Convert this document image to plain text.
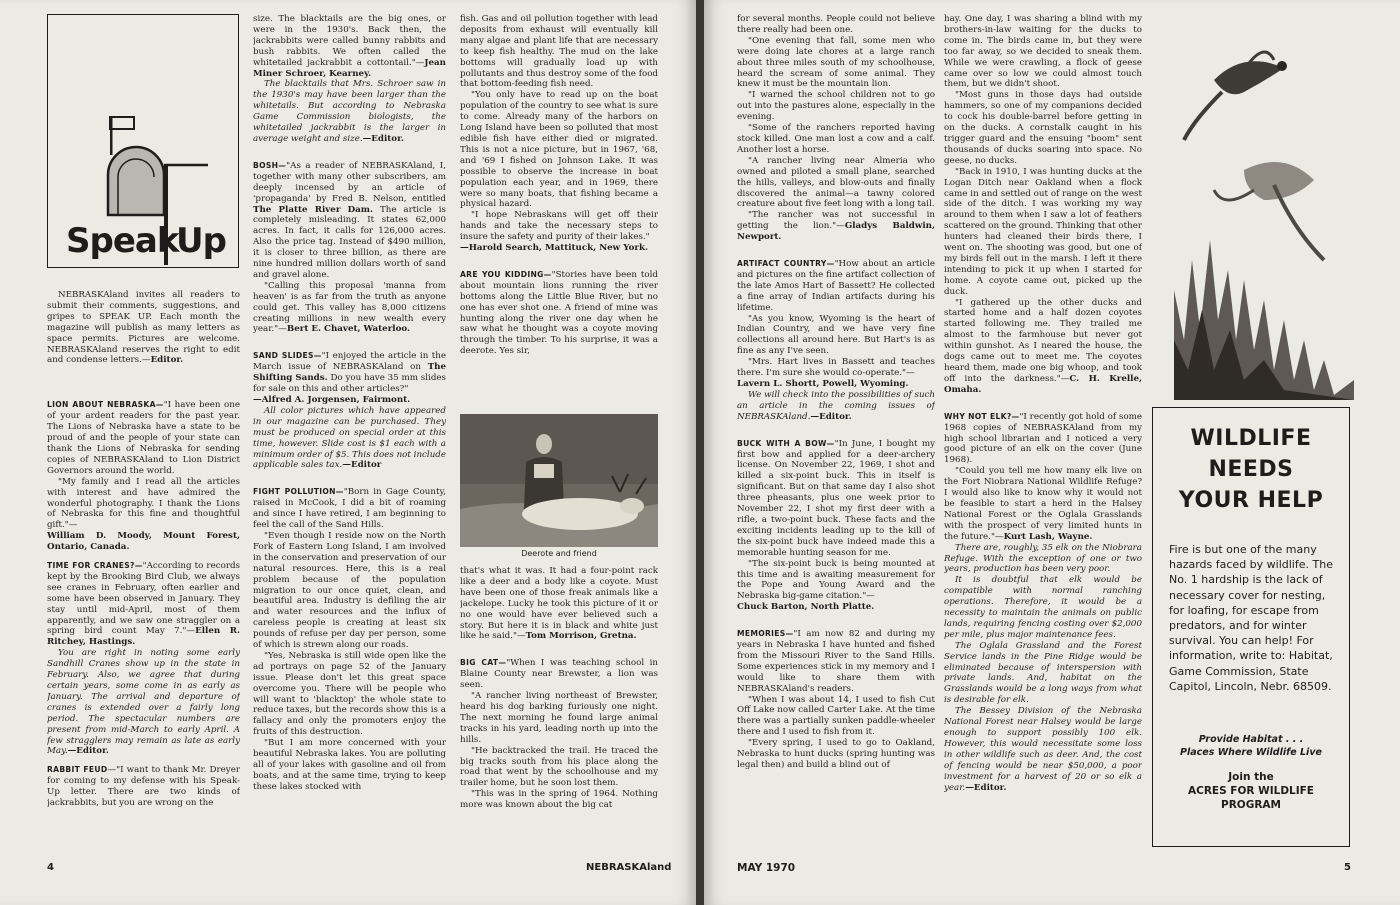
Speak
Up

NEBRASKAland invites all readers to submit their comments, suggestions, and gripes to SPEAK UP. Each month the magazine will publish as many letters as space permits. Pictures are welcome. NEBRASKAland reserves the right to edit and condense letters.—Editor.

LION ABOUT NEBRASKA—"I have been one of your ardent readers for the past year. The Lions of Nebraska have a state to be proud of and the people of your state can thank the Lions of Nebraska for sending copies of NEBRASKAland to Lion District Governors around the world.

"My family and I read all the articles with interest and have admired the wonderful photography. I thank the Lions of Nebraska for this fine and thoughtful gift."—

William D. Moody, Mount Forest, Ontario, Canada.

TIME FOR CRANES?—"According to records kept by the Brooking Bird Club, we always see cranes in February, often earlier and some have been observed in January. They stay until mid-April, most of them apparently, and we saw one straggler on a spring bird count May 7."—Ellen R. Ritchey, Hastings.

You are right in noting some early Sandhill Cranes show up in the state in February. Also, we agree that during certain years, some come in as early as January. The arrival and departure of cranes is extended over a fairly long period. The spectacular numbers are present from mid-March to early April. A few stragglers may remain as late as early May.—Editor.

RABBIT FEUD—"I want to thank Mr. Dreyer for coming to my defense with his Speak-Up letter. There are two kinds of jackrabbits, but you are wrong on the

size. The blacktails are the big ones, or were in the 1930's. Back then, the jackrabbits were called bunny rabbits and bush rabbits. We often called the whitetailed jackrabbit a cottontail."—Jean Miner Schroer, Kearney.

The blacktails that Mrs. Schroer saw in the 1930's may have been larger than the whitetails. But according to Nebraska Game Commission biologists, the whitetailed jackrabbit is the larger in average weight and size.—Editor.

BOSH—"As a reader of NEBRASKAland, I, together with many other subscribers, am deeply incensed by an article of 'propaganda' by Fred B. Nelson, entitled The Platte River Dam. The article is completely misleading. It states 62,000 acres. In fact, it calls for 126,000 acres. Also the price tag. Instead of $490 million, it is closer to three billion, as there are nine hundred million dollars worth of sand and gravel alone.

"Calling this proposal 'manna from heaven' is as far from the truth as anyone could get. This valley has 8,000 citizens creating millions in new wealth every year."—Bert E. Chavet, Waterloo.

SAND SLIDES—"I enjoyed the article in the March issue of NEBRASKAland on The Shifting Sands. Do you have 35 mm slides for sale on this and other articles?"

—Alfred A. Jorgensen, Fairmont.

All color pictures which have appeared in our magazine can be purchased. They must be produced on special order at this time, however. Slide cost is $1 each with a minimum order of $5. This does not include applicable sales tax.—Editor

FIGHT POLLUTION—"Born in Gage County, raised in McCook, I did a bit of roaming and since I have retired, I am beginning to feel the call of the Sand Hills.

"Even though I reside now on the North Fork of Eastern Long Island, I am involved in the conservation and preservation of our natural resources. Here, this is a real problem because of the population migration to our once quiet, clean, and beautiful area. Industry is defiling the air and water resources and the influx of careless people is creating at least six pounds of refuse per day per person, some of which is strewn along our roads.

"Yes, Nebraska is still wide open like the ad portrays on page 52 of the January issue. Please don't let this great space overcome you. There will be people who will want to 'blacktop' the whole state to reduce taxes, but the records show this is a fallacy and only the promoters enjoy the fruits of this destruction.

"But I am more concerned with your beautiful Nebraska lakes. You are polluting all of your lakes with gasoline and oil from boats, and at the same time, trying to keep these lakes stocked with

fish. Gas and oil pollution together with lead deposits from exhaust will eventually kill many algae and plant life that are necessary to keep fish healthy. The mud on the lake bottoms will gradually load up with pollutants and thus destroy some of the food that bottom-feeding fish need.

"You only have to read up on the boat population of the country to see what is sure to come. Already many of the harbors on Long Island have been so polluted that most edible fish have either died or migrated. This is not a nice picture, but in 1967, '68, and '69 I fished on Johnson Lake. It was possible to observe the increase in boat population each year, and in 1969, there were so many boats, that fishing became a physical hazard.

"I hope Nebraskans will get off their hands and take the necessary steps to insure the safety and purity of their lakes."

—Harold Search, Mattituck, New York.

ARE YOU KIDDING—"Stories have been told about mountain lions running the river bottoms along the Little Blue River, but no one has ever shot one. A friend of mine was hunting along the river one day when he saw what he thought was a coyote moving through the timber. To his surprise, it was a deerote. Yes sir,

Deerote and friend

that's what it was. It had a four-point rack like a deer and a body like a coyote. Must have been one of those freak animals like a jackelope. Lucky he took this picture of it or no one would have ever believed such a story. But here it is in black and white just like he said."—Tom Morrison, Gretna.

BIG CAT—"When I was teaching school in Blaine County near Brewster, a lion was seen.

"A rancher living northeast of Brewster, heard his dog barking furiously one night. The next morning he found large animal tracks in his yard, leading north up into the hills.

"He backtracked the trail. He traced the big tracks south from his place along the road that went by the schoolhouse and my trailer home, but he soon lost them.

"This was in the spring of 1964. Nothing more was known about the big cat

4	NEBRASKAland

for several months. People could not believe there really had been one.

"One evening that fall, some men who were doing late chores at a large ranch about three miles south of my schoolhouse, heard the scream of some animal. They knew it must be the mountain lion.

"I warned the school children not to go out into the pastures alone, especially in the evening.

"Some of the ranchers reported having stock killed. One man lost a cow and a calf. Another lost a horse.

"A rancher living near Almeria who owned and piloted a small plane, searched the hills, valleys, and blow-outs and finally discovered the animal—a tawny colored creature about five feet long with a long tail.

"The rancher was not successful in getting the lion."—Gladys Baldwin, Newport.

ARTIFACT COUNTRY—"How about an article and pictures on the fine artifact collection of the late Amos Hart of Bassett? He collected a fine array of Indian artifacts during his lifetime.

"As you know, Wyoming is the heart of Indian Country, and we have very fine collections all around here. But Hart's is as fine as any I've seen.

"Mrs. Hart lives in Bassett and teaches there. I'm sure she would co-operate."—

Lavern L. Shortt, Powell, Wyoming.

We will check into the possibilities of such an article in the coming issues of NEBRASKAland.—Editor.

BUCK WITH A BOW—"In June, I bought my first bow and applied for a deer-archery license. On November 22, 1969, I shot and killed a six-point buck. This in itself is significant. But on that same day I also shot three pheasants, plus one week prior to November 22, I shot my first deer with a rifle, a two-point buck. These facts and the exciting incidents leading up to the kill of the six-point buck have indeed made this a memorable hunting season for me.

"The six-point buck is being mounted at this time and is awaiting measurement for the Pope and Young Award and the Nebraska big-game citation."—

Chuck Barton, North Platte.

MEMORIES—"I am now 82 and during my years in Nebraska I have hunted and fished from the Missouri River to the Sand Hills. Some experiences stick in my memory and I would like to share them with NEBRASKAland's readers.

"When I was about 14, I used to fish Cut Off Lake now called Carter Lake. At the time there was a partially sunken paddle-wheeler there and I used to fish from it.

"Every spring, I used to go to Oakland, Nebraska to hunt ducks (spring hunting was legal then) and build a blind out of

hay. One day, I was sharing a blind with my brothers-in-law waiting for the ducks to come in. The birds came in, but they were too far away, so we decided to sneak them. While we were crawling, a flock of geese came over so low we could almost touch them, but we didn't shoot.

"Most guns in those days had outside hammers, so one of my companions decided to cock his double-barrel before getting in on the ducks. A cornstalk caught in his trigger guard and the ensuing "boom" sent thousands of ducks soaring into space. No geese, no ducks.

"Back in 1910, I was hunting ducks at the Logan Ditch near Oakland when a flock came in and settled out of range on the west side of the ditch. I was working my way around to them when I saw a lot of feathers scattered on the ground. Thinking that other hunters had cleaned their birds there, I went on. The shooting was good, but one of my birds fell out in the marsh. I left it there intending to pick it up when I started for home. A coyote came out, picked up the duck.

"I gathered up the other ducks and started home and a half dozen coyotes started following me. They trailed me almost to the farmhouse but never got within gunshot. As I neared the house, the dogs came out to meet me. The coyotes heard them, made one big whoop, and took off into the darkness."—C. H. Krelle, Omaha.

WHY NOT ELK?—"I recently got hold of some 1968 copies of NEBRASKAland from my high school librarian and I noticed a very good picture of an elk on the cover (June 1968).

"Could you tell me how many elk live on the Fort Niobrara National Wildlife Refuge? I would also like to know why it would not be feasible to start a herd in the Halsey National Forest or the Oglala Grasslands with the prospect of very limited hunts in the future."—Kurt Lash, Wayne.

There are, roughly, 35 elk on the Niobrara Refuge. With the exception of one or two years, production has been very poor.

It is doubtful that elk would be compatible with normal ranching operations. Therefore, it would be a necessity to maintain the animals on public lands, requiring fencing costing over $2,000 per mile, plus major maintenance fees.

The Oglala Grassland and the Forest Service lands in the Pine Ridge would be eliminated because of interspersion with private lands. And, habitat on the Grasslands would be a long ways from what is desirable for elk.

The Bessey Division of the Nebraska National Forest near Halsey would be large enough to support possibly 100 elk. However, this would necessitate some loss in other wildlife such as deer. And, the cost of fencing would be near $50,000, a poor investment for a harvest of 20 or so elk a year.—Editor.

WILDLIFE
NEEDS
YOUR HELP
Fire is but one of the many hazards faced by wildlife. The No. 1 hardship is the lack of necessary cover for nesting, for loafing, for escape from predators, and for winter survival. You can help! For information, write to: Habitat, Game Commission, State Capitol, Lincoln, Nebr. 68509.
Provide Habitat . . .
Places Where Wildlife Live
Join the
ACRES FOR WILDLIFE
PROGRAM
MAY 1970	5
